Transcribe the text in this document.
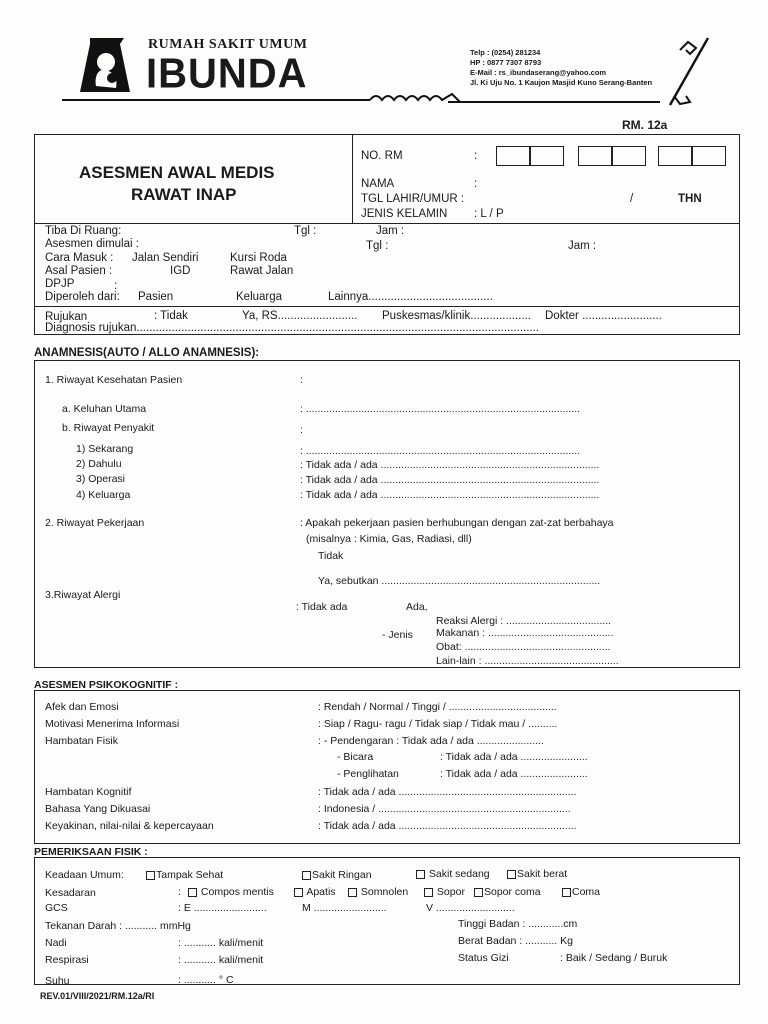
RUMAH SAKIT UMUM
IBUNDA	Telp : (0254) 281234
HP : 0877 7307 8793
E-Mail : rs_ibundaserang@yahoo.com
Jl. Ki Uju No. 1 Kaujon Masjid Kuno Serang-Banten
RM. 12a
ASESMEN AWAL MEDIS
RAWAT INAP
NO. RM	:
NAMA	:
TGL LAHIR/UMUR :	/	THN
JENIS KELAMIN : L / P
Tiba Di Ruang:	Tgl :	Jam :
Asesmen dimulai :	Tgl :	Jam :
Cara Masuk : Jalan Sendiri	Kursi Roda
Asal Pasien :	IGD	Rawat Jalan
DPJP	:
Diperoleh dari: Pasien	Keluarga	Lainnya.......................................
Rujukan	: Tidak	Ya, RS......................... Puskesmas/klinik................... Dokter .........................
Diagnosis rujukan..............................................................................................................................
ANAMNESIS(AUTO / ALLO ANAMNESIS):
1. Riwayat Kesehatan Pasien	:
a. Keluhan Utama	: ..............................................................................................
b. Riwayat Penyakit	:
1) Sekarang	: ..............................................................................................
2) Dahulu	: Tidak ada / ada ...........................................................................
3) Operasi	: Tidak ada / ada ...........................................................................
4) Keluarga	: Tidak ada / ada ...........................................................................
2. Riwayat Pekerjaan	: Apakah pekerjaan pasien berhubungan dengan zat-zat berbahaya
(misalnya : Kimia, Gas, Radiasi, dll)
Tidak
Ya, sebutkan ...........................................................................
3.Riwayat Alergi
: Tidak ada	Ada,
Reaksi Alergi : ....................................
- Jenis Makanan : ...........................................
Obat: ..................................................
Lain-lain : ..............................................
ASESMEN PSIKOKOGNITIF :
Afek dan Emosi	: Rendah / Normal / Tinggi / .....................................
Motivasi Menerima Informasi	: Siap / Ragu- ragu / Tidak siap / Tidak mau / ..........
Hambatan Fisik	: - Pendengaran : Tidak ada / ada .......................
- Bicara	: Tidak ada / ada .......................
- Penglihatan	: Tidak ada / ada .......................
Hambatan Kognitif	: Tidak ada / ada .............................................................
Bahasa Yang Dikuasai	: Indonesia / ..................................................................
Keyakinan, nilai-nilai & kepercayaan	: Tidak ada / ada .............................................................
PEMERIKSAAN FISIK :
Keadaan Umum:	Tampak Sehat	Sakit Ringan	Sakit sedang	Sakit berat
Kesadaran	:	Compos mentis	Apatis	Somnolen	Sopor	Sopor coma	Coma
GCS	: E .........................	M .........................	V ...........................
Tekanan Darah : ........... mmHg	Tinggi Badan : ............cm
Nadi	: ........... kali/menit	Berat Badan : ........... Kg
Respirasi	: ........... kali/menit	Status Gizi	: Baik / Sedang / Buruk
Suhu	: ........... ° C
REV.01/VIII/2021/RM.12a/RI
